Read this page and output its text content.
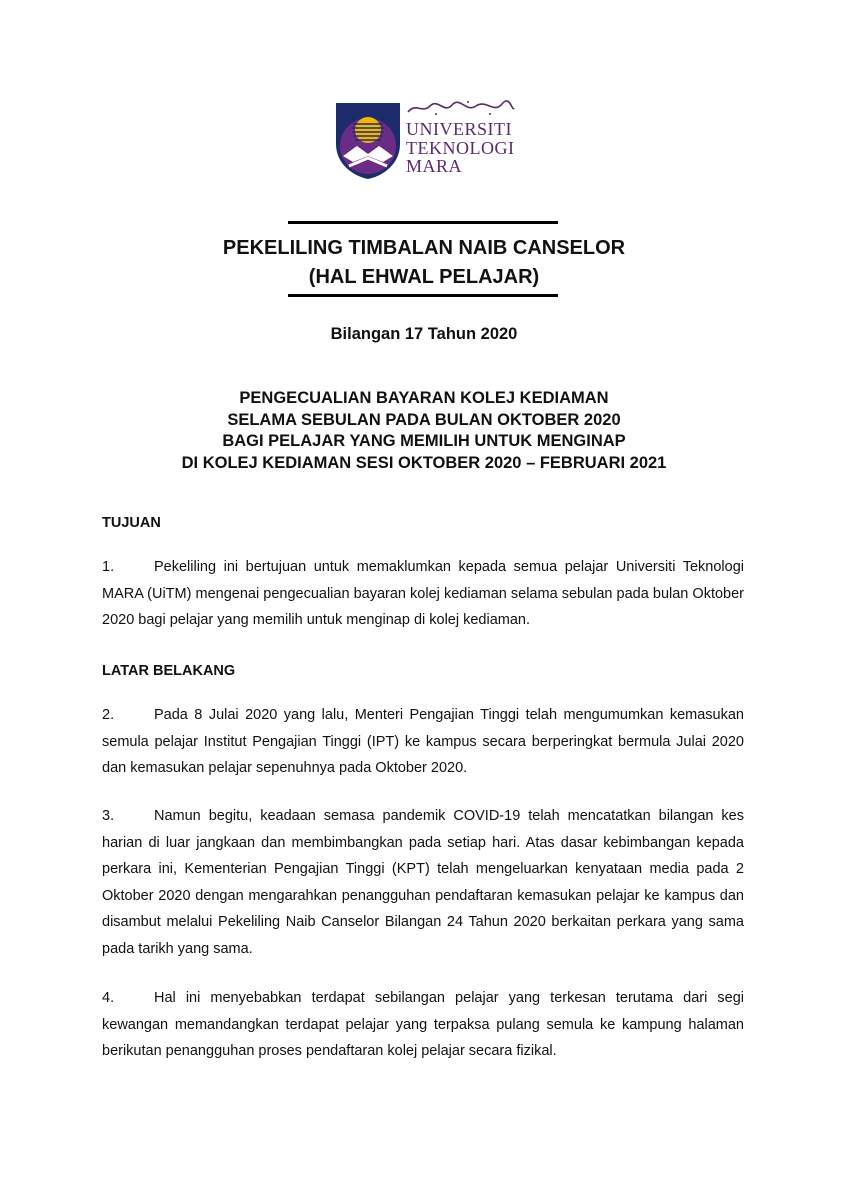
UNIVERSITI
TEKNOLOGI
MARA
PEKELILING TIMBALAN NAIB CANSELOR
(HAL EHWAL PELAJAR)
Bilangan 17 Tahun 2020
PENGECUALIAN BAYARAN KOLEJ KEDIAMAN
SELAMA SEBULAN PADA BULAN OKTOBER 2020
BAGI PELAJAR YANG MEMILIH UNTUK MENGINAP
DI KOLEJ KEDIAMAN SESI OKTOBER 2020 – FEBRUARI 2021
TUJUAN
1.	Pekeliling ini bertujuan untuk memaklumkan kepada semua pelajar Universiti Teknologi MARA (UiTM) mengenai pengecualian bayaran kolej kediaman selama sebulan pada bulan Oktober 2020 bagi pelajar yang memilih untuk menginap di kolej kediaman.
LATAR BELAKANG
2.	Pada 8 Julai 2020 yang lalu, Menteri Pengajian Tinggi telah mengumumkan kemasukan semula pelajar Institut Pengajian Tinggi (IPT) ke kampus secara berperingkat bermula Julai 2020 dan kemasukan pelajar sepenuhnya pada Oktober 2020.
3.	Namun begitu, keadaan semasa pandemik COVID-19 telah mencatatkan bilangan kes harian di luar jangkaan dan membimbangkan pada setiap hari. Atas dasar kebimbangan kepada perkara ini, Kementerian Pengajian Tinggi (KPT) telah mengeluarkan kenyataan media pada 2 Oktober 2020 dengan mengarahkan penangguhan pendaftaran kemasukan pelajar ke kampus dan disambut melalui Pekeliling Naib Canselor Bilangan 24 Tahun 2020 berkaitan perkara yang sama pada tarikh yang sama.
4.	Hal ini menyebabkan terdapat sebilangan pelajar yang terkesan terutama dari segi kewangan memandangkan terdapat pelajar yang terpaksa pulang semula ke kampung halaman berikutan penangguhan proses pendaftaran kolej pelajar secara fizikal.
